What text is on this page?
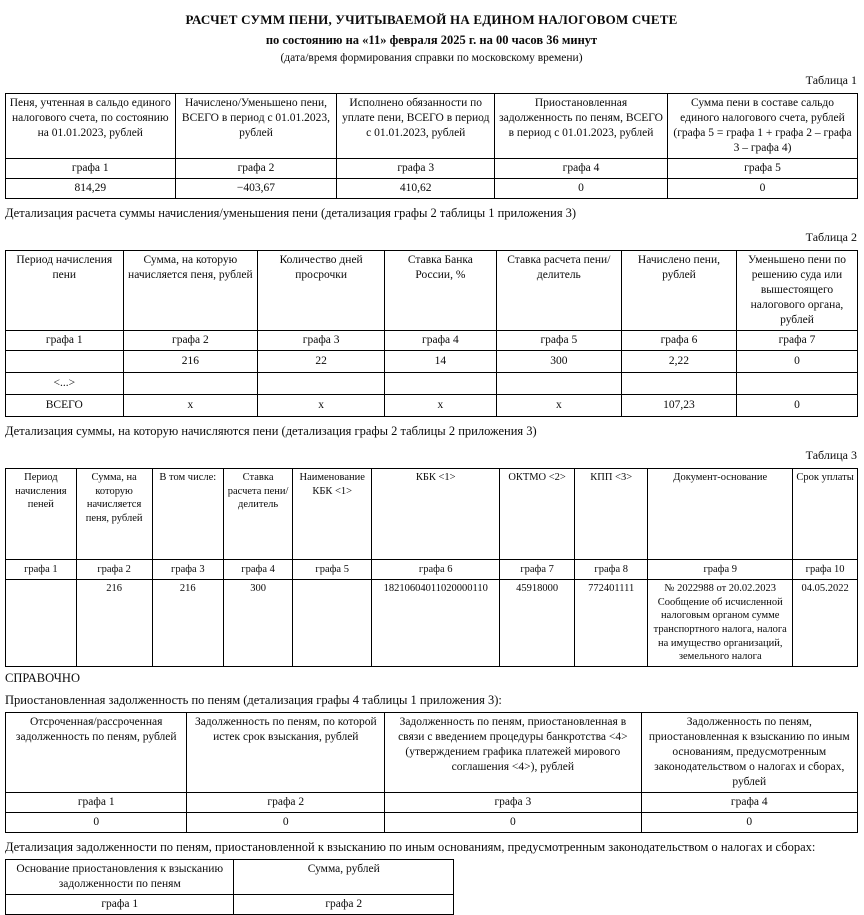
РАСЧЕТ СУММ ПЕНИ, УЧИТЫВАЕМОЙ НА ЕДИНОМ НАЛОГОВОМ СЧЕТЕ
по состоянию на «11» февраля 2025 г. на 00 часов 36 минут
(дата/время формирования справки по московскому времени)
Таблица 1
Пеня, учтенная в сальдо единого налогового счета, по состоянию на 01.01.2023, рублей	Начислено/Уменьшено пени, ВСЕГО в период с 01.01.2023, рублей	Исполнено обязанности по уплате пени, ВСЕГО в период с 01.01.2023, рублей	Приостановленная задолженность по пеням, ВСЕГО в период с 01.01.2023, рублей	Сумма пени в составе сальдо единого налогового счета, рублей (графа 5 = графа 1 + графа 2 – графа 3 – графа 4)
графа 1	графа 2	графа 3	графа 4	графа 5
814,29	−403,67	410,62	0	0

Детализация расчета суммы начисления/уменьшения пени (детализация графы 2 таблицы 1 приложения 3)

Таблица 2
Период начисления пени	Сумма, на которую начисляется пеня, рублей	Количество дней просрочки	Ставка Банка России, %	Ставка расчета пени/ делитель	Начислено пени, рублей	Уменьшено пени по решению суда или вышестоящего налогового органа, рублей
графа 1	графа 2	графа 3	графа 4	графа 5	графа 6	графа 7
	216	22	14	300	2,22	0
<...>						
ВСЕГО	x	x	x	x	107,23	0

Детализация суммы, на которую начисляются пени (детализация графы 2 таблицы 2 приложения 3)

Таблица 3
Период начисления пеней	Сумма, на которую начисляется пеня, рублей	В том числе:	Ставка расчета пени/ делитель	Наименование КБК <1>	КБК <1>	ОКТМО <2>	КПП <3>	Документ-основание	Срок уплаты
графа 1	графа 2	графа 3	графа 4	графа 5	графа 6	графа 7	графа 8	графа 9	графа 10
	216	216	300		18210604011020000110	45918000	772401111	№ 2022988 от 20.02.2023 Сообщение об исчисленной налоговым органом сумме транспортного налога, налога на имущество организаций, земельного налога	04.05.2022
СПРАВОЧНО

Приостановленная задолженность по пеням (детализация графы 4 таблицы 1 приложения 3):

Отсроченная/рассроченная задолженность по пеням, рублей	Задолженность по пеням, по которой истек срок взыскания, рублей	Задолженность по пеням, приостановленная в связи с введением процедуры банкротства <4> (утверждением графика платежей мирового соглашения <4>), рублей	Задолженность по пеням, приостановленная к взысканию по иным основаниям, предусмотренным законодательством о налогах и сборах, рублей
графа 1	графа 2	графа 3	графа 4
0	0	0	0

Детализация задолженности по пеням, приостановленной к взысканию по иным основаниям, предусмотренным законодательством о налогах и сборах:

Основание приостановления к взысканию задолженности по пеням	Сумма, рублей
графа 1	графа 2
